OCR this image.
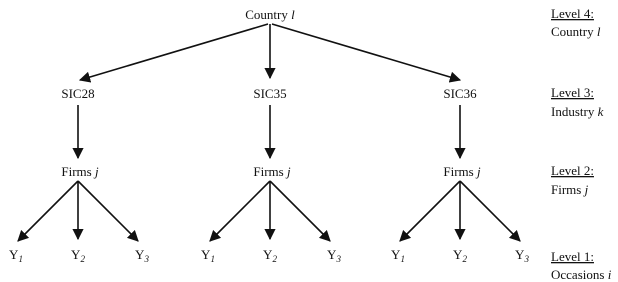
Country l
SIC28	SIC35	SIC36
Firms j	Firms j	Firms j
$Y_1$	$Y_2$	$Y_3$	$Y_1$	$Y_2$	$Y_3$	$Y_1$	$Y_2$	$Y_3$
Level 4:
Country l
Level 3:
Industry k
Level 2:
Firms j
Level 1:
Occasions i
